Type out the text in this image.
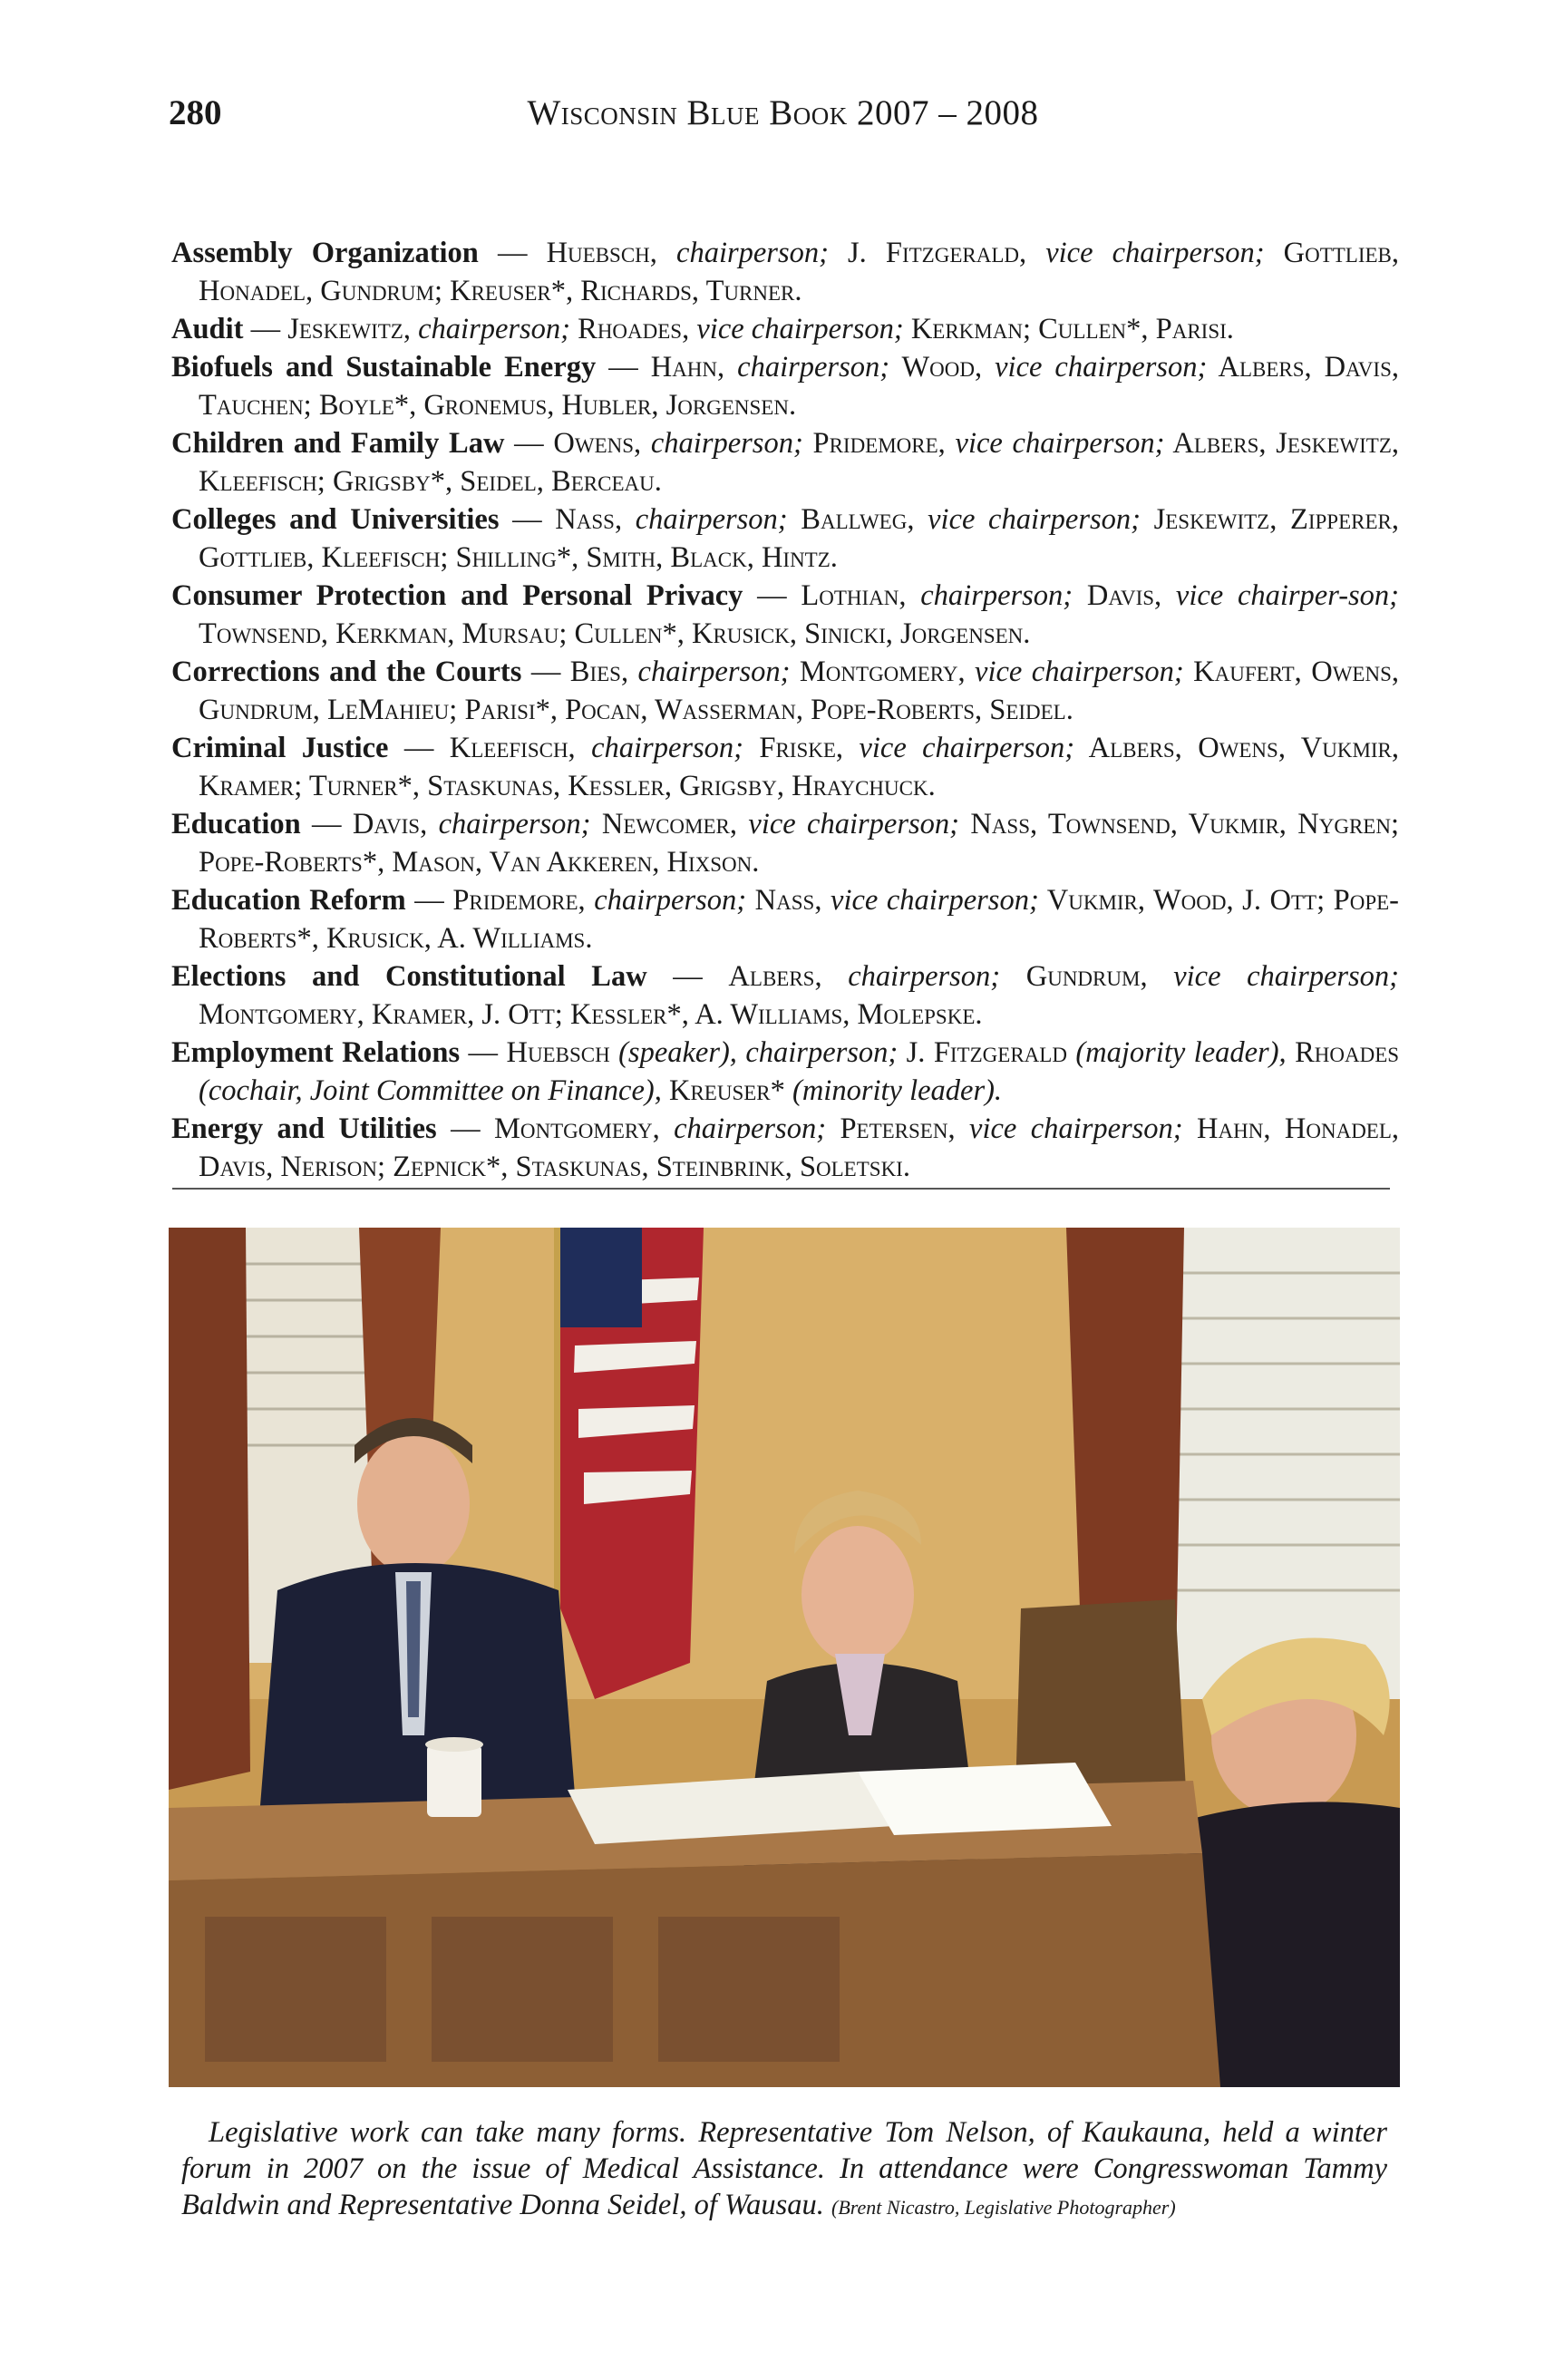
280	Wisconsin Blue Book 2007 – 2008
Assembly Organization — Huebsch, chairperson; J. Fitzgerald, vice chairperson; Gottlieb, Honadel, Gundrum; Kreuser*, Richards, Turner.
Audit — Jeskewitz, chairperson; Rhoades, vice chairperson; Kerkman; Cullen*, Parisi.
Biofuels and Sustainable Energy — Hahn, chairperson; Wood, vice chairperson; Albers, Davis, Tauchen; Boyle*, Gronemus, Hubler, Jorgensen.
Children and Family Law — Owens, chairperson; Pridemore, vice chairperson; Albers, Jeskewitz, Kleefisch; Grigsby*, Seidel, Berceau.
Colleges and Universities — Nass, chairperson; Ballweg, vice chairperson; Jeskewitz, Zipperer, Gottlieb, Kleefisch; Shilling*, Smith, Black, Hintz.
Consumer Protection and Personal Privacy — Lothian, chairperson; Davis, vice chairper-son; Townsend, Kerkman, Mursau; Cullen*, Krusick, Sinicki, Jorgensen.
Corrections and the Courts — Bies, chairperson; Montgomery, vice chairperson; Kaufert, Owens, Gundrum, LeMahieu; Parisi*, Pocan, Wasserman, Pope-Roberts, Seidel.
Criminal Justice — Kleefisch, chairperson; Friske, vice chairperson; Albers, Owens, Vukmir, Kramer; Turner*, Staskunas, Kessler, Grigsby, Hraychuck.
Education — Davis, chairperson; Newcomer, vice chairperson; Nass, Townsend, Vukmir, Nygren; Pope-Roberts*, Mason, Van Akkeren, Hixson.
Education Reform — Pridemore, chairperson; Nass, vice chairperson; Vukmir, Wood, J. Ott; Pope-Roberts*, Krusick, A. Williams.
Elections and Constitutional Law — Albers, chairperson; Gundrum, vice chairperson; Montgomery, Kramer, J. Ott; Kessler*, A. Williams, Molepske.
Employment Relations — Huebsch (speaker), chairperson; J. Fitzgerald (majority leader), Rhoades (cochair, Joint Committee on Finance), Kreuser* (minority leader).
Energy and Utilities — Montgomery, chairperson; Petersen, vice chairperson; Hahn, Honadel, Davis, Nerison; Zepnick*, Staskunas, Steinbrink, Soletski.
Legislative work can take many forms. Representative Tom Nelson, of Kaukauna, held a winter forum in 2007 on the issue of Medical Assistance. In attendance were Congresswoman Tammy Baldwin and Representative Donna Seidel, of Wausau. (Brent Nicastro, Legislative Photographer)
